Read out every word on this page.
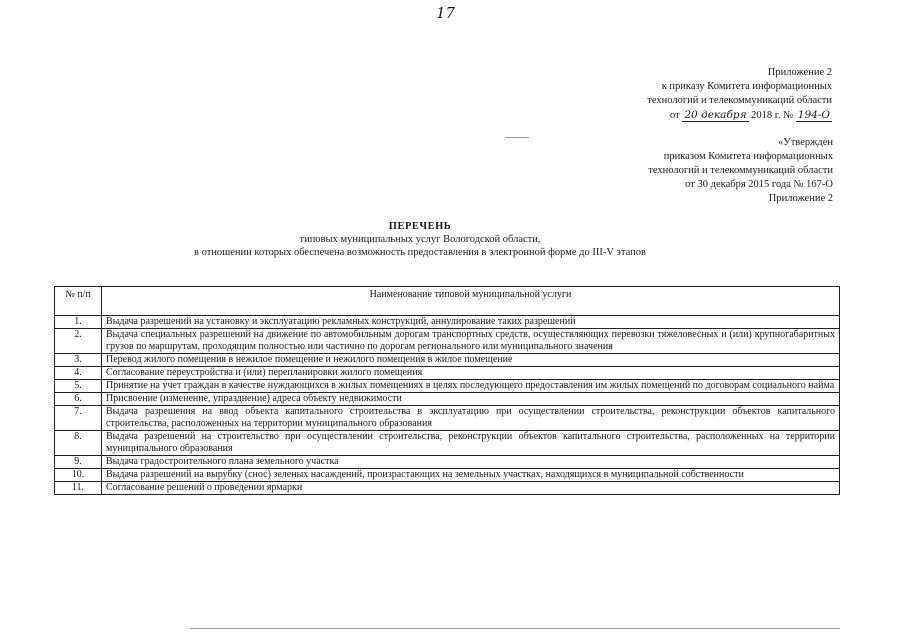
17
Приложение 2
к приказу Комитета информационных
технологий и телекоммуникаций области
от 20 декабря 2018 г. № 194-О
«Утвержден
приказом Комитета информационных
технологий и телекоммуникаций области
от 30 декабря 2015 года № 167-О
Приложение 2
ПЕРЕЧЕНЬ
типовых муниципальных услуг Вологодской области,
в отношении которых обеспечена возможность предоставления в электронной форме до III-V этапов
№ п/п	Наименование типовой муниципальной услуги
1.	Выдача разрешений на установку и эксплуатацию рекламных конструкций, аннулирование таких разрешений
2.	Выдача специальных разрешений на движение по автомобильным дорогам транспортных средств, осуществляющих перевозки тяжеловесных и (или) крупногабаритных грузов по маршрутам, проходящим полностью или частично по дорогам регионального или муниципального значения
3.	Перевод жилого помещения в нежилое помещение и нежилого помещения в жилое помещение
4.	Согласование переустройства и (или) перепланировки жилого помещения
5.	Принятие на учет граждан в качестве нуждающихся в жилых помещениях в целях последующего предоставления им жилых помещений по договорам социального найма
6.	Присвоение (изменение, упразднение) адреса объекту недвижимости
7.	Выдача разрешения на ввод объекта капитального строительства в эксплуатацию при осуществлении строительства, реконструкции объектов капитального строительства, расположенных на территории муниципального образования
8.	Выдача разрешений на строительство при осуществлении строительства, реконструкции объектов капитального строительства, расположенных на территории муниципального образования
9.	Выдача градостроительного плана земельного участка
10.	Выдача разрешений на вырубку (снос) зеленых насаждений, произрастающих на земельных участках, находящихся в муниципальной собственности
11.	Согласование решений о проведении ярмарки
